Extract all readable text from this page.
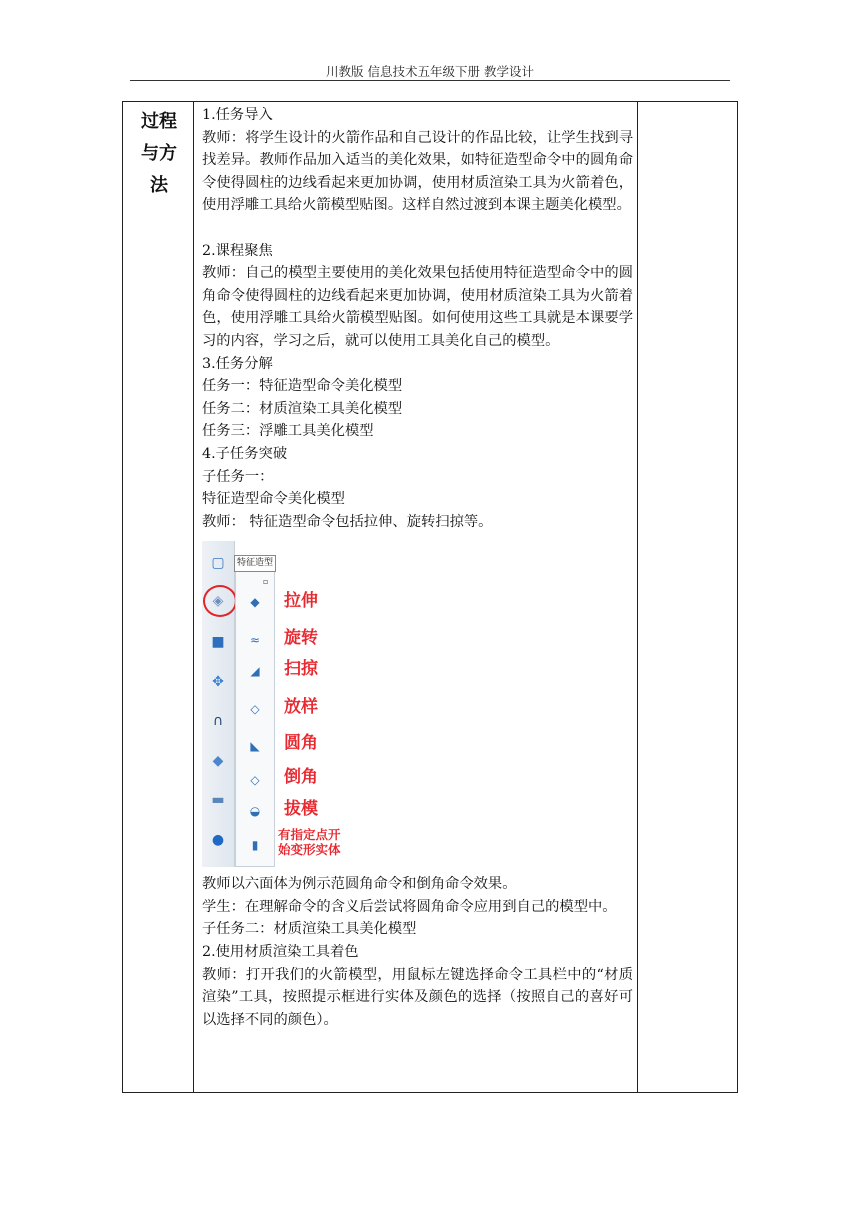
川教版 信息技术五年级下册 教学设计
过程与方法

1.任务导入

教师：将学生设计的火箭作品和自己设计的作品比较，让学生找到寻找差异。教师作品加入适当的美化效果，如特征造型命令中的圆角命令使得圆柱的边线看起来更加协调，使用材质渲染工具为火箭着色，使用浮雕工具给火箭模型贴图。这样自然过渡到本课主题美化模型。

2.课程聚焦

教师：自己的模型主要使用的美化效果包括使用特征造型命令中的圆角命令使得圆柱的边线看起来更加协调，使用材质渲染工具为火箭着色，使用浮雕工具给火箭模型贴图。如何使用这些工具就是本课要学习的内容，学习之后，就可以使用工具美化自己的模型。

3.任务分解

任务一：特征造型命令美化模型

任务二：材质渲染工具美化模型

任务三：浮雕工具美化模型

4.子任务突破

子任务一：

特征造型命令美化模型

教师： 特征造型命令包括拉伸、旋转扫掠等。

▢
◈
■
✥
∩
◆
▬
●
特征造型
▫
◆
≈
◢
◇
◣
◇
◒
▮
拉伸
旋转
扫掠
放样
圆角
倒角
拔模
有指定点开
始变形实体

教师以六面体为例示范圆角命令和倒角命令效果。

学生：在理解命令的含义后尝试将圆角命令应用到自己的模型中。

子任务二：材质渲染工具美化模型

2.使用材质渲染工具着色

教师：打开我们的火箭模型，用鼠标左键选择命令工具栏中的“材质渲染”工具，按照提示框进行实体及颜色的选择（按照自己的喜好可以选择不同的颜色）。
